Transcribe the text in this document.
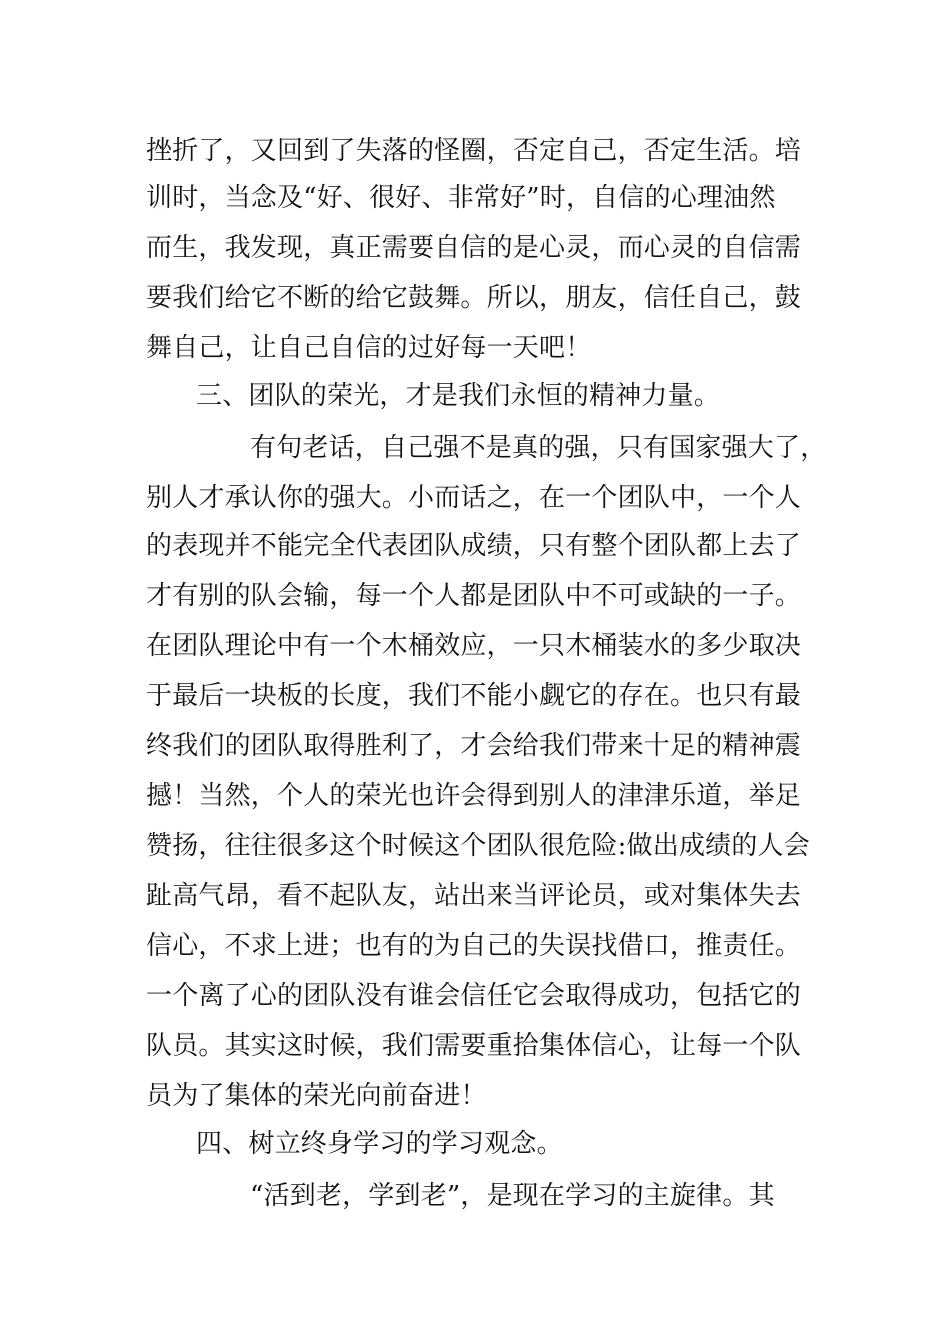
挫折了，又回到了失落的怪圈，否定自己，否定生活。培
训时，当念及“好、很好、非常好”时，自信的心理油然
而生，我发现，真正需要自信的是心灵，而心灵的自信需
要我们给它不断的给它鼓舞。所以，朋友，信任自己，鼓
舞自己，让自己自信的过好每一天吧！
三、团队的荣光，才是我们永恒的精神力量。
有句老话，自己强不是真的强，只有国家强大了，
别人才承认你的强大。小而话之，在一个团队中，一个人
的表现并不能完全代表团队成绩，只有整个团队都上去了
才有别的队会输，每一个人都是团队中不可或缺的一子。
在团队理论中有一个木桶效应，一只木桶装水的多少取决
于最后一块板的长度，我们不能小觑它的存在。也只有最
终我们的团队取得胜利了，才会给我们带来十足的精神震
撼！当然，个人的荣光也许会得到别人的津津乐道，举足
赞扬，往往很多这个时候这个团队很危险:做出成绩的人会
趾高气昂，看不起队友，站出来当评论员，或对集体失去
信心，不求上进；也有的为自己的失误找借口，推责任。
一个离了心的团队没有谁会信任它会取得成功，包括它的
队员。其实这时候，我们需要重拾集体信心，让每一个队
员为了集体的荣光向前奋进！
四、树立终身学习的学习观念。
“活到老，学到老”，是现在学习的主旋律。其
